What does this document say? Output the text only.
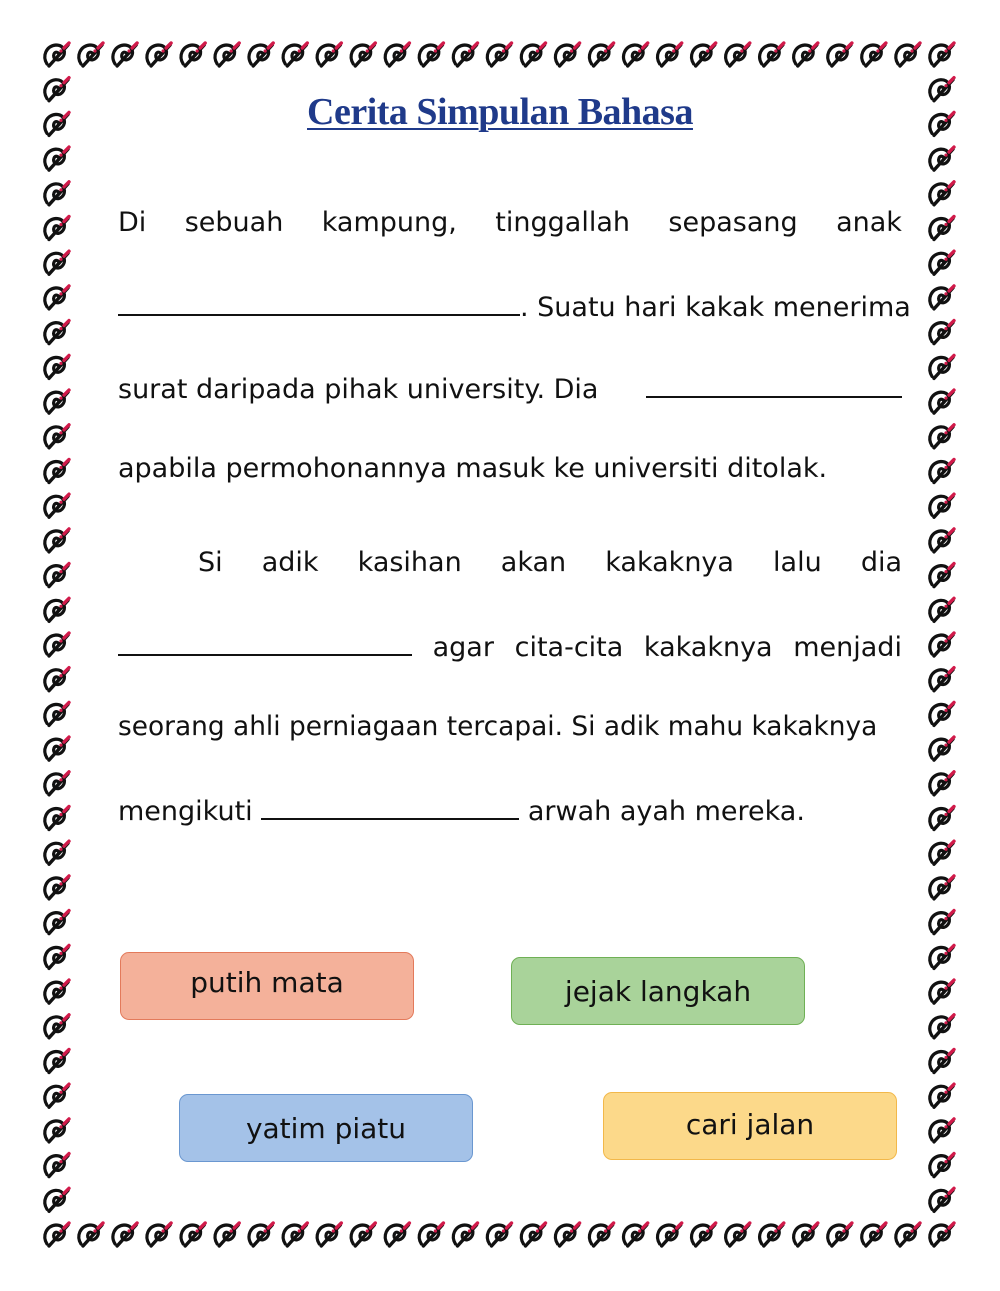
Cerita Simpulan Bahasa
Di sebuah kampung, tinggallah sepasang anak
. Suatu hari kakak menerima
surat daripada pihak university. Dia
apabila permohonannya masuk ke universiti ditolak.
Si adik kasihan akan kakaknya lalu dia
agar cita-cita kakaknya menjadi
seorang ahli perniagaan tercapai. Si adik mahu kakaknya
mengikuti	arwah ayah mereka.
putih mata	jejak langkah
yatim piatu	cari jalan
